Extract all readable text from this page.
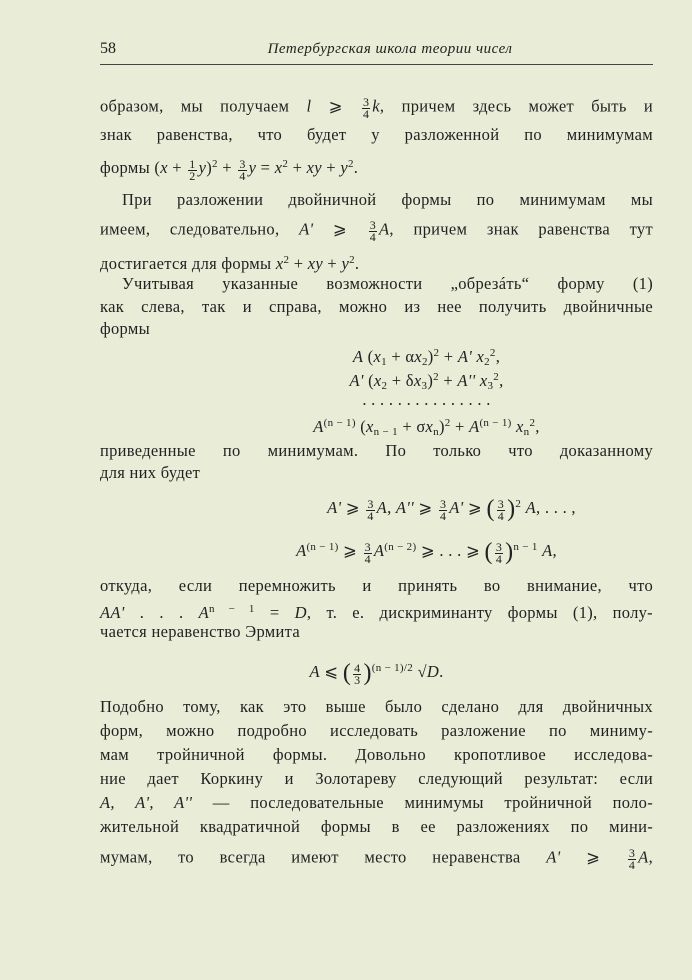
58	Петербургская школа теории чисел
образом, мы получаем l ⩾ $\frac{3}{4} k$, причем здесь может быть и
знак равенства, что будет у разложенной по минимумам
формы $(x + \frac{1}{2} y)^2 + \frac{3}{4}$ $y = x^2$ + xy + $y^2$.
При разложении двойничной формы по минимумам мы
имеем, следовательно, A' ⩾ $\frac{3}{4} A$, причем знак равенства тут
достигается для формы $x^2$ + xy + $y^2$.
Учитывая указанные возможности „обрезáть“ форму (1)
как слева, так и справа, можно из нее получить двойничные
формы
A $(x_1 + \alpha x_2)^2 + A'$ $x_2^2$,
A' $(x_2 + \delta x_3)^2 + A''$ $x_3^2$,
. . . . . . . . . . . . . . .
$A^{(n - 1)}$ $(x_{n - 1} + \sigma x_n)^2 + A^{(n - 1)}$ $x_n^2$,
приведенные по минимумам. По только что доказанному
для них будет
A' ⩾ $\frac{3}{4} A$, A'' ⩾ $\frac{3}{4} A'$ ⩾ ( $\frac{3}{4} )^2$ A, . . . ,
$A^{(n - 1)}$ ⩾ $\frac{3}{4} A^{(n - 2)}$ ⩾ . . . ⩾ ( $\frac{3}{4} )^{n - 1}$ A,
откуда, если перемножить и принять во внимание, что
AA' . . . $A^{n - 1} = D$, т. е. дискриминанту формы (1), полу-
чается неравенство Эрмита
A ⩽ ( $\frac{4}{3} )^{(n - 1)/2}$ √D.
Подобно тому, как это выше было сделано для двойничных
форм, можно подробно исследовать разложение по миниму-
мам тройничной формы. Довольно кропотливое исследова-
ние дает Коркину и Золотареву следующий результат: если
A, A', A'' — последовательные минимумы тройничной поло-
жительной квадратичной формы в ее разложениях по мини-
мумам, то всегда имеют место неравенства A' ⩾ $\frac{3}{4} A$,
